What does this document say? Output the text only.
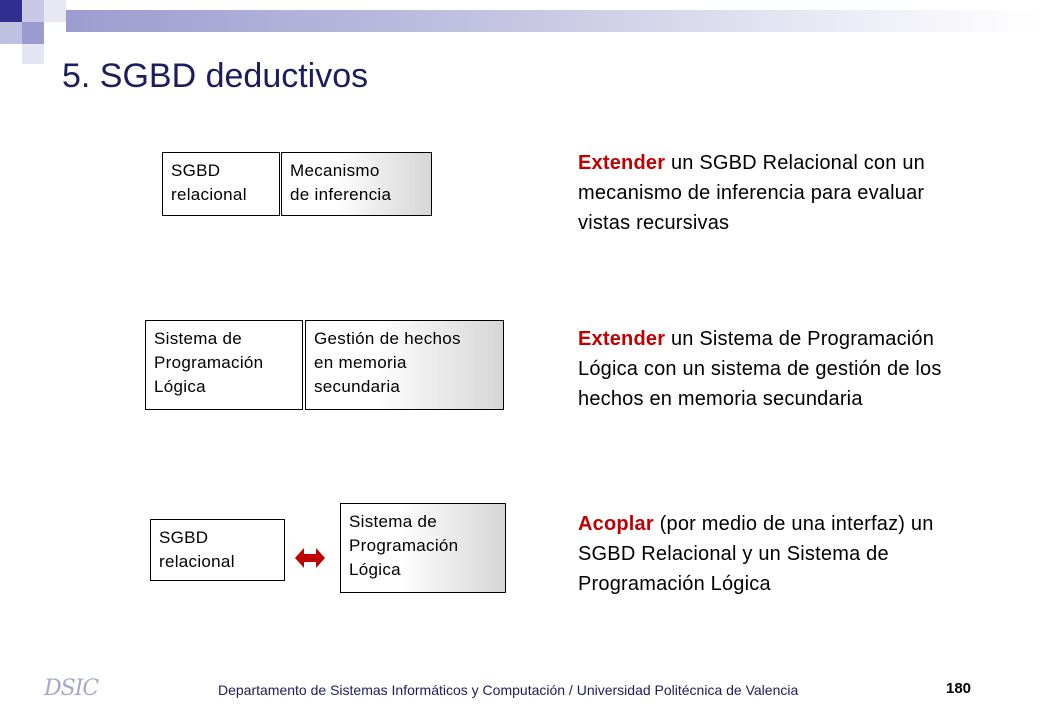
5. SGBD deductivos
SGBD
relacional
Mecanismo
de inferencia
Extender un SGBD Relacional con un mecanismo de inferencia para evaluar vistas recursivas
Sistema de
Programación
Lógica
Gestión de hechos
en memoria
secundaria
Extender un Sistema de Programación Lógica con un sistema de gestión de los hechos en memoria secundaria
SGBD
relacional
Sistema de
Programación
Lógica
Acoplar (por medio de una interfaz) un SGBD Relacional y un Sistema de Programación Lógica
DSIC	Departamento de Sistemas Informáticos y Computación / Universidad Politécnica de Valencia	180
